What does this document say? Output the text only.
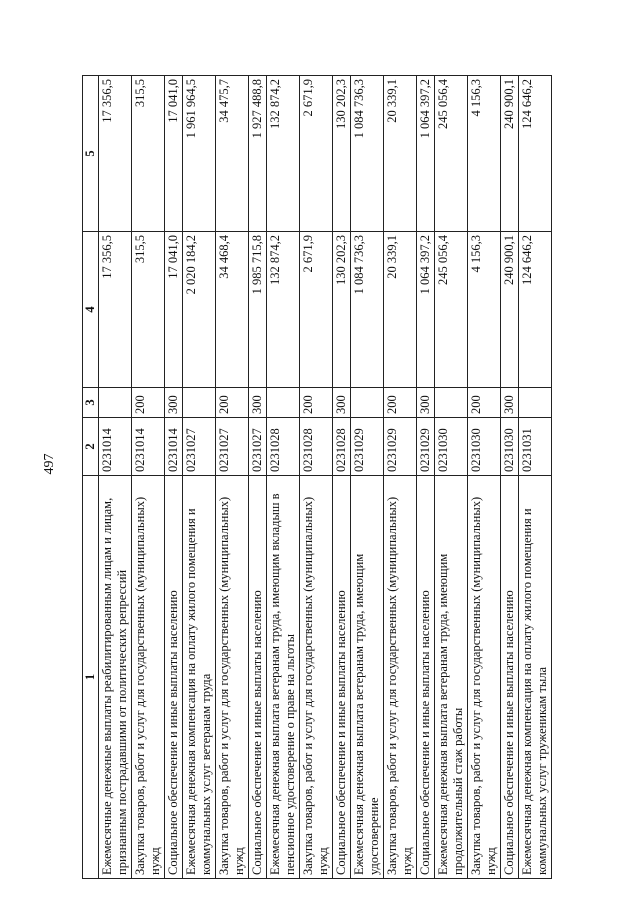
497
1	2	3	4	5
Ежемесячные денежные выплаты реабилитированным лицам и лицам, признанным пострадавшими от политических репрессий	0231014		17 356,5	17 356,5
Закупка товаров, работ и услуг для государственных (муниципальных) нужд	0231014	200	315,5	315,5
Социальное обеспечение и иные выплаты населению	0231014	300	17 041,0	17 041,0
Ежемесячная денежная компенсация на оплату жилого помещения и коммунальных услуг ветеранам труда	0231027		2 020 184,2	1 961 964,5
Закупка товаров, работ и услуг для государственных (муниципальных) нужд	0231027	200	34 468,4	34 475,7
Социальное обеспечение и иные выплаты населению	0231027	300	1 985 715,8	1 927 488,8
Ежемесячная денежная выплата ветеранам труда, имеющим вкладыш в пенсионное удостоверение о праве на льготы	0231028		132 874,2	132 874,2
Закупка товаров, работ и услуг для государственных (муниципальных) нужд	0231028	200	2 671,9	2 671,9
Социальное обеспечение и иные выплаты населению	0231028	300	130 202,3	130 202,3
Ежемесячная денежная выплата ветеранам труда, имеющим удостоверение	0231029		1 084 736,3	1 084 736,3
Закупка товаров, работ и услуг для государственных (муниципальных) нужд	0231029	200	20 339,1	20 339,1
Социальное обеспечение и иные выплаты населению	0231029	300	1 064 397,2	1 064 397,2
Ежемесячная денежная выплата ветеранам труда, имеющим продолжительный стаж работы	0231030		245 056,4	245 056,4
Закупка товаров, работ и услуг для государственных (муниципальных) нужд	0231030	200	4 156,3	4 156,3
Социальное обеспечение и иные выплаты населению	0231030	300	240 900,1	240 900,1
Ежемесячная денежная компенсация на оплату жилого помещения и коммунальных услуг труженикам тыла	0231031		124 646,2	124 646,2
